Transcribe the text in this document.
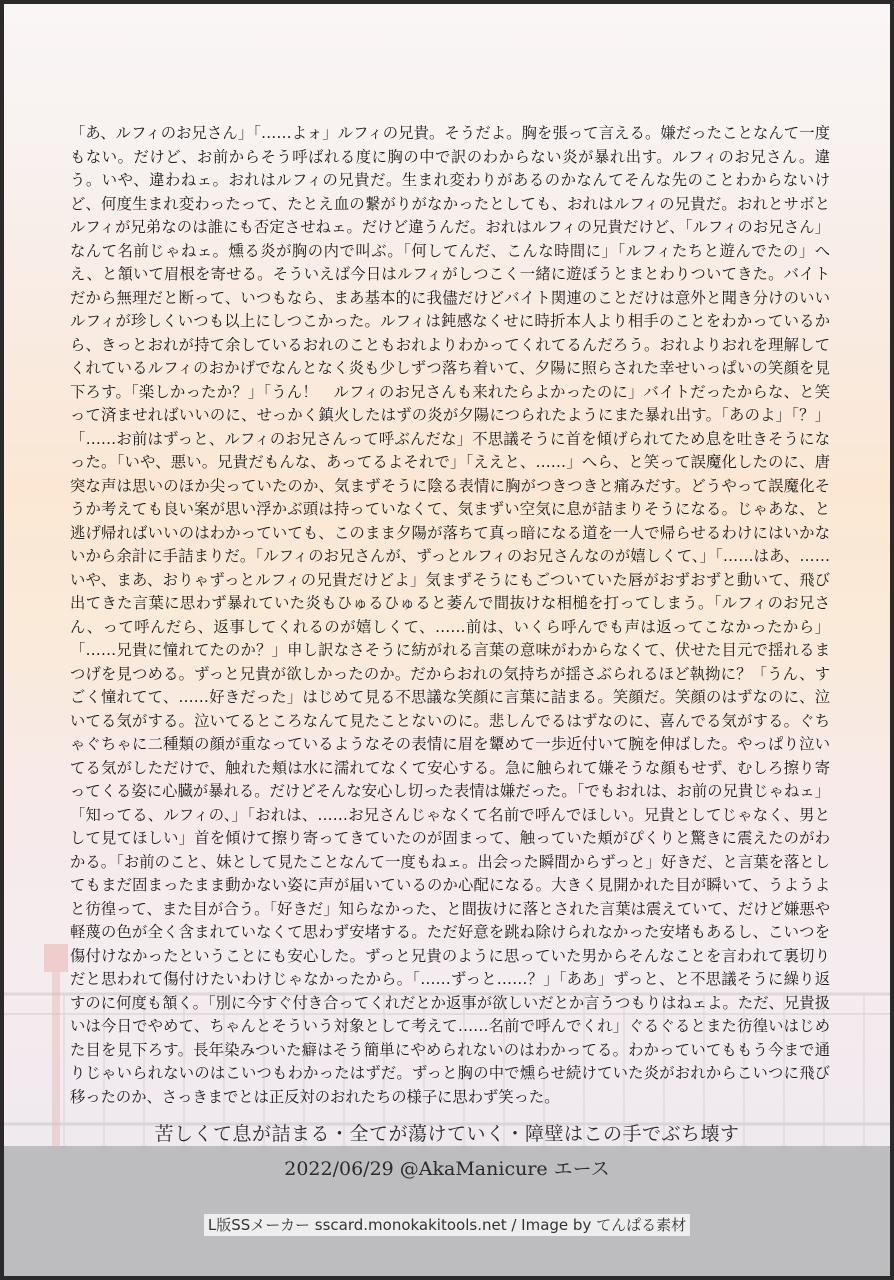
「あ、ルフィのお兄さん」「……よォ」ルフィの兄貴。そうだよ。胸を張って言える。嫌だったことなんて一度もない。だけど、お前からそう呼ばれる度に胸の中で訳のわからない炎が暴れ出す。ルフィのお兄さん。違う。いや、違わねェ。おれはルフィの兄貴だ。生まれ変わりがあるのかなんてそんな先のことわからないけど、何度生まれ変わったって、たとえ血の繋がりがなかったとしても、おれはルフィの兄貴だ。おれとサボとルフィが兄弟なのは誰にも否定させねェ。だけど違うんだ。おれはルフィの兄貴だけど、「ルフィのお兄さん」なんて名前じゃねェ。燻る炎が胸の内で叫ぶ。「何してんだ、こんな時間に」「ルフィたちと遊んでたの」へえ、と頷いて眉根を寄せる。そういえば今日はルフィがしつこく一緒に遊ぼうとまとわりついてきた。バイトだから無理だと断って、いつもなら、まあ基本的に我儘だけどバイト関連のことだけは意外と聞き分けのいいルフィが珍しくいつも以上にしつこかった。ルフィは鈍感なくせに時折本人より相手のことをわかっているから、きっとおれが持て余しているおれのこともおれよりわかってくれてるんだろう。おれよりおれを理解してくれているルフィのおかげでなんとなく炎も少しずつ落ち着いて、夕陽に照らされた幸せいっぱいの笑顔を見下ろす。「楽しかったか？」「うん！　ルフィのお兄さんも来れたらよかったのに」バイトだったからな、と笑って済ませればいいのに、せっかく鎮火したはずの炎が夕陽につられたようにまた暴れ出す。「あのよ」「？」「……お前はずっと、ルフィのお兄さんって呼ぶんだな」不思議そうに首を傾げられてため息を吐きそうになった。「いや、悪い。兄貴だもんな、あってるよそれで」「ええと、……」へら、と笑って誤魔化したのに、唐突な声は思いのほか尖っていたのか、気まずそうに陰る表情に胸がつきつきと痛みだす。どうやって誤魔化そうか考えても良い案が思い浮かぶ頭は持っていなくて、気まずい空気に息が詰まりそうになる。じゃあな、と逃げ帰ればいいのはわかっていても、このまま夕陽が落ちて真っ暗になる道を一人で帰らせるわけにはいかないから余計に手詰まりだ。「ルフィのお兄さんが、ずっとルフィのお兄さんなのが嬉しくて、」「……はあ、……いや、まあ、おりゃずっとルフィの兄貴だけどよ」気まずそうにもごついていた唇がおずおずと動いて、飛び出てきた言葉に思わず暴れていた炎もひゅるひゅると萎んで間抜けな相槌を打ってしまう。「ルフィのお兄さん、って呼んだら、返事してくれるのが嬉しくて、……前は、いくら呼んでも声は返ってこなかったから」「……兄貴に憧れてたのか？」申し訳なさそうに紡がれる言葉の意味がわからなくて、伏せた目元で揺れるまつげを見つめる。ずっと兄貴が欲しかったのか。だからおれの気持ちが揺さぶられるほど執拗に？「うん、すごく憧れてて、……好きだった」はじめて見る不思議な笑顔に言葉に詰まる。笑顔だ。笑顔のはずなのに、泣いてる気がする。泣いてるところなんて見たことないのに。悲しんでるはずなのに、喜んでる気がする。ぐちゃぐちゃに二種類の顔が重なっているようなその表情に眉を顰めて一歩近付いて腕を伸ばした。やっぱり泣いてる気がしただけで、触れた頬は水に濡れてなくて安心する。急に触られて嫌そうな顔もせず、むしろ擦り寄ってくる姿に心臓が暴れる。だけどそんな安心し切った表情は嫌だった。「でもおれは、お前の兄貴じゃねェ」「知ってる、ルフィの、」「おれは、……お兄さんじゃなくて名前で呼んでほしい。兄貴としてじゃなく、男として見てほしい」首を傾けて擦り寄ってきていたのが固まって、触っていた頬がぴくりと驚きに震えたのがわかる。「お前のこと、妹として見たことなんて一度もねェ。出会った瞬間からずっと」好きだ、と言葉を落としてもまだ固まったまま動かない姿に声が届いているのか心配になる。大きく見開かれた目が瞬いて、うようよと彷徨って、また目が合う。「好きだ」知らなかった、と間抜けに落とされた言葉は震えていて、だけど嫌悪や軽蔑の色が全く含まれていなくて思わず安堵する。ただ好意を跳ね除けられなかった安堵もあるし、こいつを傷付けなかったということにも安心した。ずっと兄貴のように思っていた男からそんなことを言われて裏切りだと思われて傷付けたいわけじゃなかったから。「……ずっと……？」「ああ」ずっと、と不思議そうに繰り返すのに何度も頷く。「別に今すぐ付き合ってくれだとか返事が欲しいだとか言うつもりはねェよ。ただ、兄貴扱いは今日でやめて、ちゃんとそういう対象として考えて……名前で呼んでくれ」ぐるぐるとまた彷徨いはじめた目を見下ろす。長年染みついた癖はそう簡単にやめられないのはわかってる。わかっていてももう今まで通りじゃいられないのはこいつもわかったはずだ。ずっと胸の中で燻らせ続けていた炎がおれからこいつに飛び移ったのか、さっきまでとは正反対のおれたちの様子に思わず笑った。

苦しくて息が詰まる・全てが蕩けていく・障壁はこの手でぶち壊す
2022/06/29 @AkaManicure エース
L版SSメーカー sscard.monokakitools.net / Image by てんぱる素材
